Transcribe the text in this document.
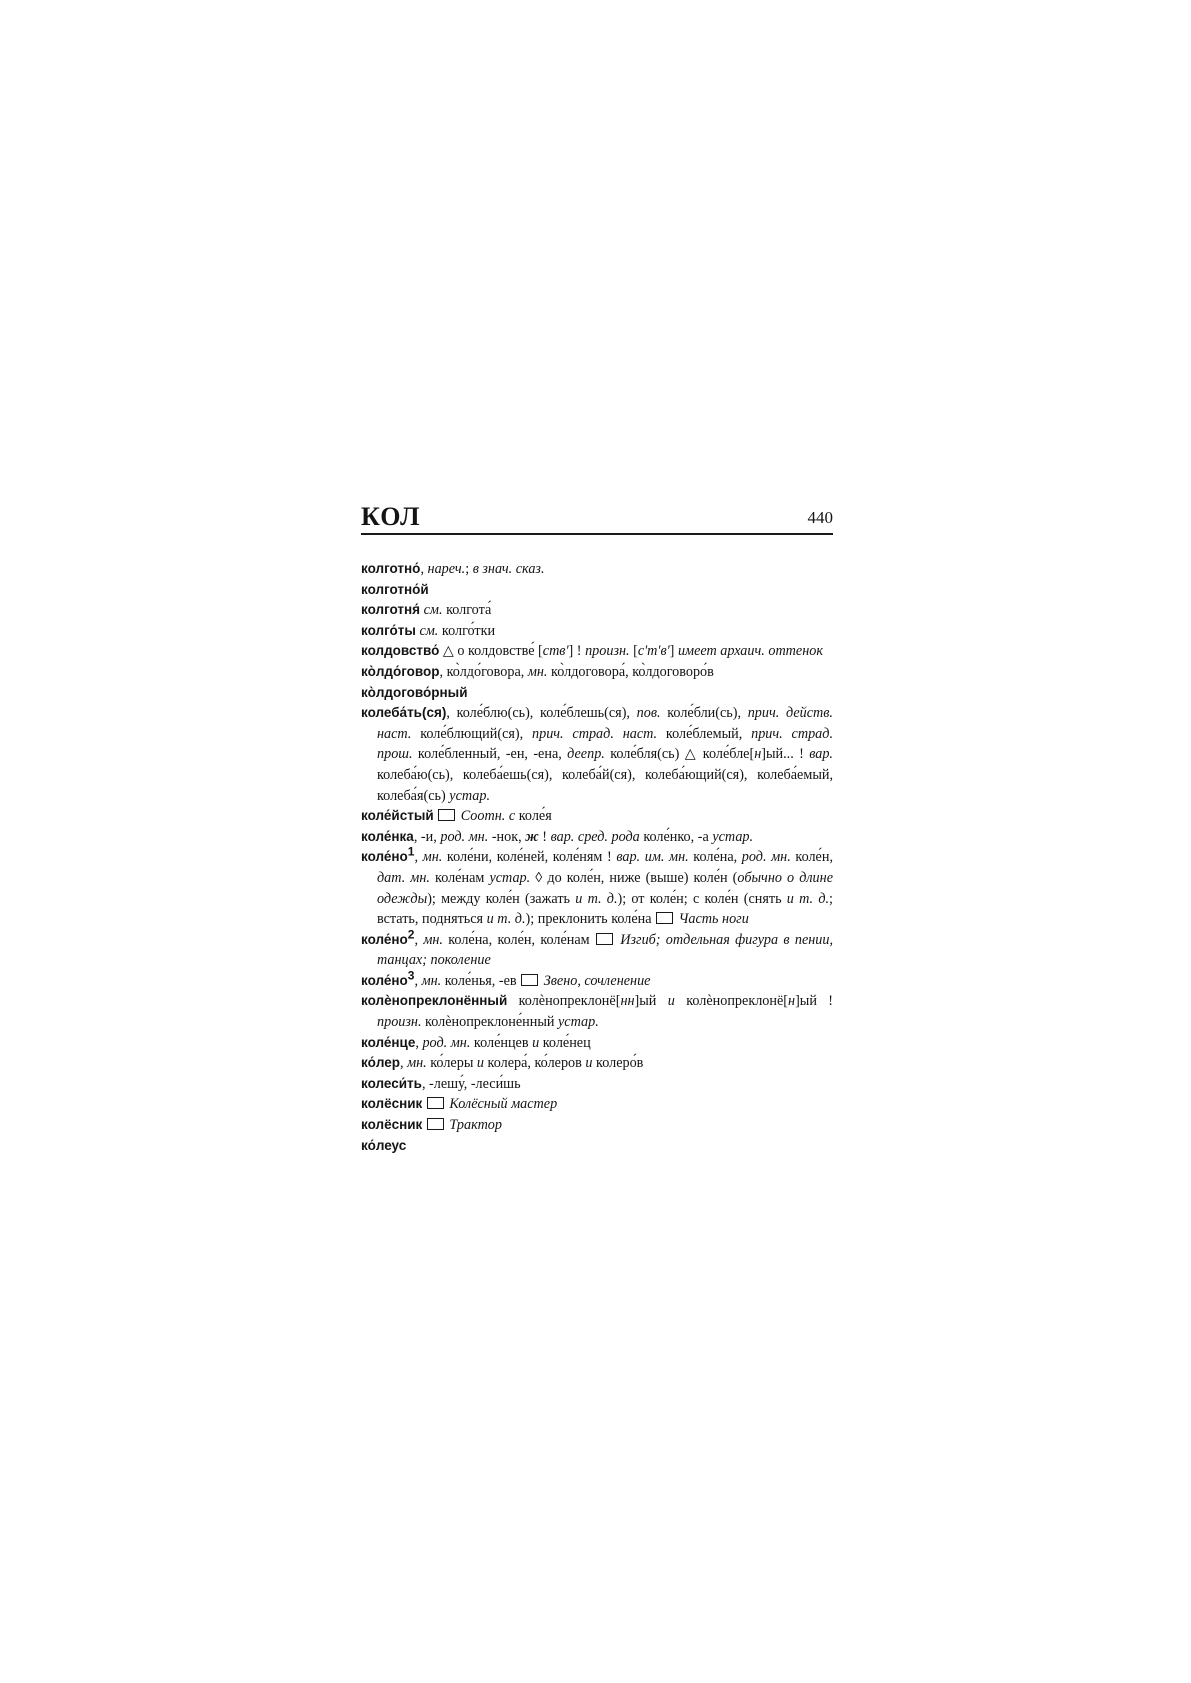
КОЛ	440
колготно́, нареч.; в знач. сказ.
колготно́й
колготня́ см. колгота́
колго́ты см. колго́тки
колдовство́ △ о колдовстве́ [ств'] ! произн. [с'т'в'] имеет архаич. оттенок
ко̀лдо́говор, ко̀лдо́говора, мн. ко̀лдоговора́, ко̀лдоговоро́в
ко̀лдогово́рный
колеба́ть(ся), коле́блю(сь), коле́блешь(ся), пов. коле́бли(сь), прич. действ. наст. коле́блющий(ся), прич. страд. наст. коле́блемый, прич. страд. прош. коле́бленный, -ен, -ена, деепр. коле́бля(сь) △ коле́бле[н]ый... ! вар. колеба́ю(сь), колеба́ешь(ся), колеба́й(ся), колеба́ющий(ся), колеба́емый, колеба́я(сь) устар.
коле́йстый Соотн. с коле́я
коле́нка, -и, род. мн. -нок, ж ! вар. сред. рода коле́нко, -а устар.
$коле́но^1$, мн. коле́ни, коле́ней, коле́ням ! вар. им. мн. коле́на, род. мн. коле́н, дат. мн. коле́нам устар. ◊ до коле́н, ниже (выше) коле́н (обычно о длине одежды); между коле́н (зажать и т. д.); от коле́н; с коле́н (снять и т. д.; встать, подняться и т. д.); преклонить коле́на  Часть ноги
$коле́но^2$, мн. коле́на, коле́н, коле́нам  Изгиб; отдельная фигура в пении, танцах; поколение
$коле́но^3$, мн. коле́нья, -ев  Звено, сочленение
колѐнопреклонённый колѐнопреклонё[нн]ый и колѐнопреклонё[н]ый ! произн. колѐнопреклоне́нный устар.
коле́нце, род. мн. коле́нцев и коле́нец
ко́лер, мн. ко́леры и колера́, ко́леров и колеро́в
колеси́ть, -лешу́, -леси́шь
колёсник Колёсный мастер
колёсник Трактор
ко́леус
